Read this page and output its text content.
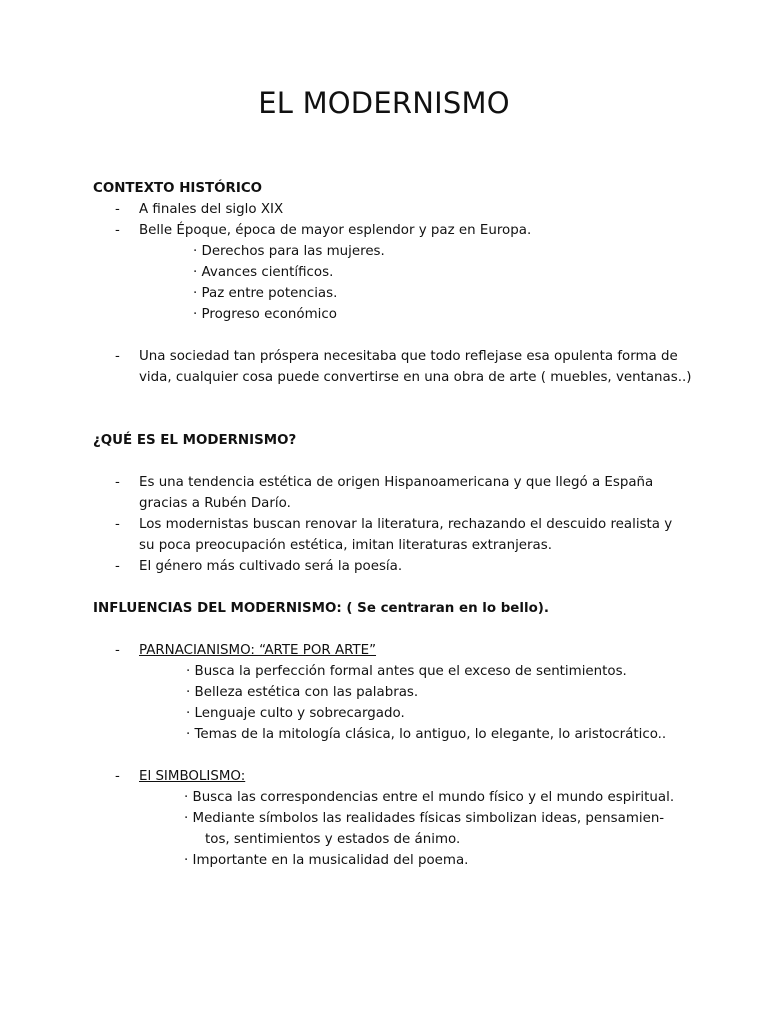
EL MODERNISMO
CONTEXTO HISTÓRICO
- A finales del siglo XIX
- Belle Époque, época de mayor esplendor y paz en Europa.
· Derechos para las mujeres.
· Avances científicos.
· Paz entre potencias.
· Progreso económico
- Una sociedad tan próspera necesitaba que todo reflejase esa opulenta forma de
vida, cualquier cosa puede convertirse en una obra de arte ( muebles, ventanas..)
¿QUÉ ES EL MODERNISMO?
- Es una tendencia estética de origen Hispanoamericana y que llegó a España
gracias a Rubén Darío.
- Los modernistas buscan renovar la literatura, rechazando el descuido realista y
su poca preocupación estética, imitan literaturas extranjeras.
- El género más cultivado será la poesía.
INFLUENCIAS DEL MODERNISMO: ( Se centraran en lo bello).
- PARNACIANISMO: “ARTE POR ARTE”
· Busca la perfección formal antes que el exceso de sentimientos.
· Belleza estética con las palabras.
· Lenguaje culto y sobrecargado.
· Temas de la mitología clásica, lo antiguo, lo elegante, lo aristocrático..
- El SIMBOLISMO:
· Busca las correspondencias entre el mundo físico y el mundo espiritual.
· Mediante símbolos las realidades físicas simbolizan ideas, pensamien-
tos, sentimientos y estados de ánimo.
· Importante en la musicalidad del poema.
